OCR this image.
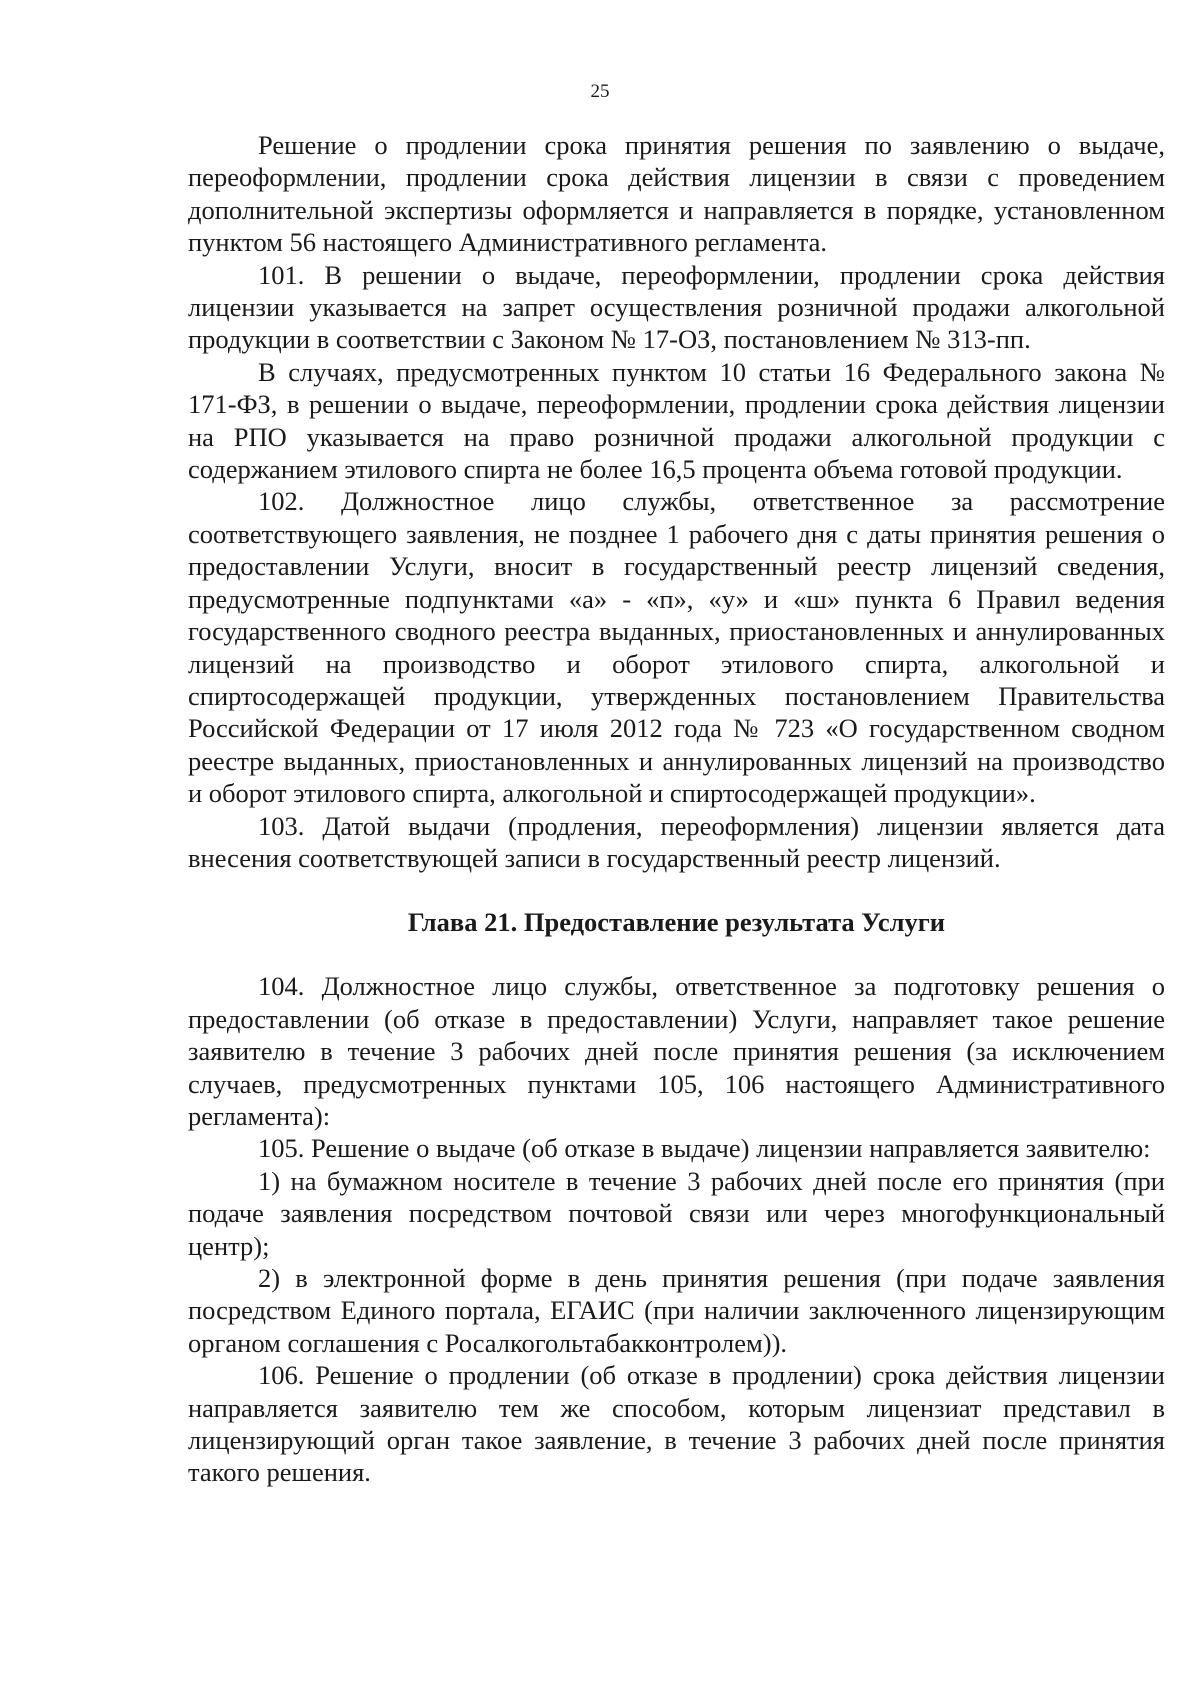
25

Решение о продлении срока принятия решения по заявлению о выдаче, переоформлении, продлении срока действия лицензии в связи с проведением дополнительной экспертизы оформляется и направляется в порядке, установленном пунктом 56 настоящего Административного регламента.

101. В решении о выдаче, переоформлении, продлении срока действия лицензии указывается на запрет осуществления розничной продажи алкогольной продукции в соответствии с Законом № 17-ОЗ, постановлением № 313-пп.

В случаях, предусмотренных пунктом 10 статьи 16 Федерального закона № 171-ФЗ, в решении о выдаче, переоформлении, продлении срока действия лицензии на РПО указывается на право розничной продажи алкогольной продукции с содержанием этилового спирта не более 16,5 процента объема готовой продукции.

102. Должностное лицо службы, ответственное за рассмотрение соответствующего заявления, не позднее 1 рабочего дня с даты принятия решения о предоставлении Услуги, вносит в государственный реестр лицензий сведения, предусмотренные подпунктами «а» - «п», «у» и «ш» пункта 6 Правил ведения государственного сводного реестра выданных, приостановленных и аннулированных лицензий на производство и оборот этилового спирта, алкогольной и спиртосодержащей продукции, утвержденных постановлением Правительства Российской Федерации от 17 июля 2012 года № 723 «О государственном сводном реестре выданных, приостановленных и аннулированных лицензий на производство и оборот этилового спирта, алкогольной и спиртосодержащей продукции».

103. Датой выдачи (продления, переоформления) лицензии является дата внесения соответствующей записи в государственный реестр лицензий.

Глава 21. Предоставление результата Услуги

104. Должностное лицо службы, ответственное за подготовку решения о предоставлении (об отказе в предоставлении) Услуги, направляет такое решение заявителю в течение 3 рабочих дней после принятия решения (за исключением случаев, предусмотренных пунктами 105, 106 настоящего Административного регламента):

105. Решение о выдаче (об отказе в выдаче) лицензии направляется заявителю:

1) на бумажном носителе в течение 3 рабочих дней после его принятия (при подаче заявления посредством почтовой связи или через многофункциональный центр);

2) в электронной форме в день принятия решения (при подаче заявления посредством Единого портала, ЕГАИС (при наличии заключенного лицензирующим органом соглашения с Росалкогольтабакконтролем)).

106. Решение о продлении (об отказе в продлении) срока действия лицензии направляется заявителю тем же способом, которым лицензиат представил в лицензирующий орган такое заявление, в течение 3 рабочих дней после принятия такого решения.
